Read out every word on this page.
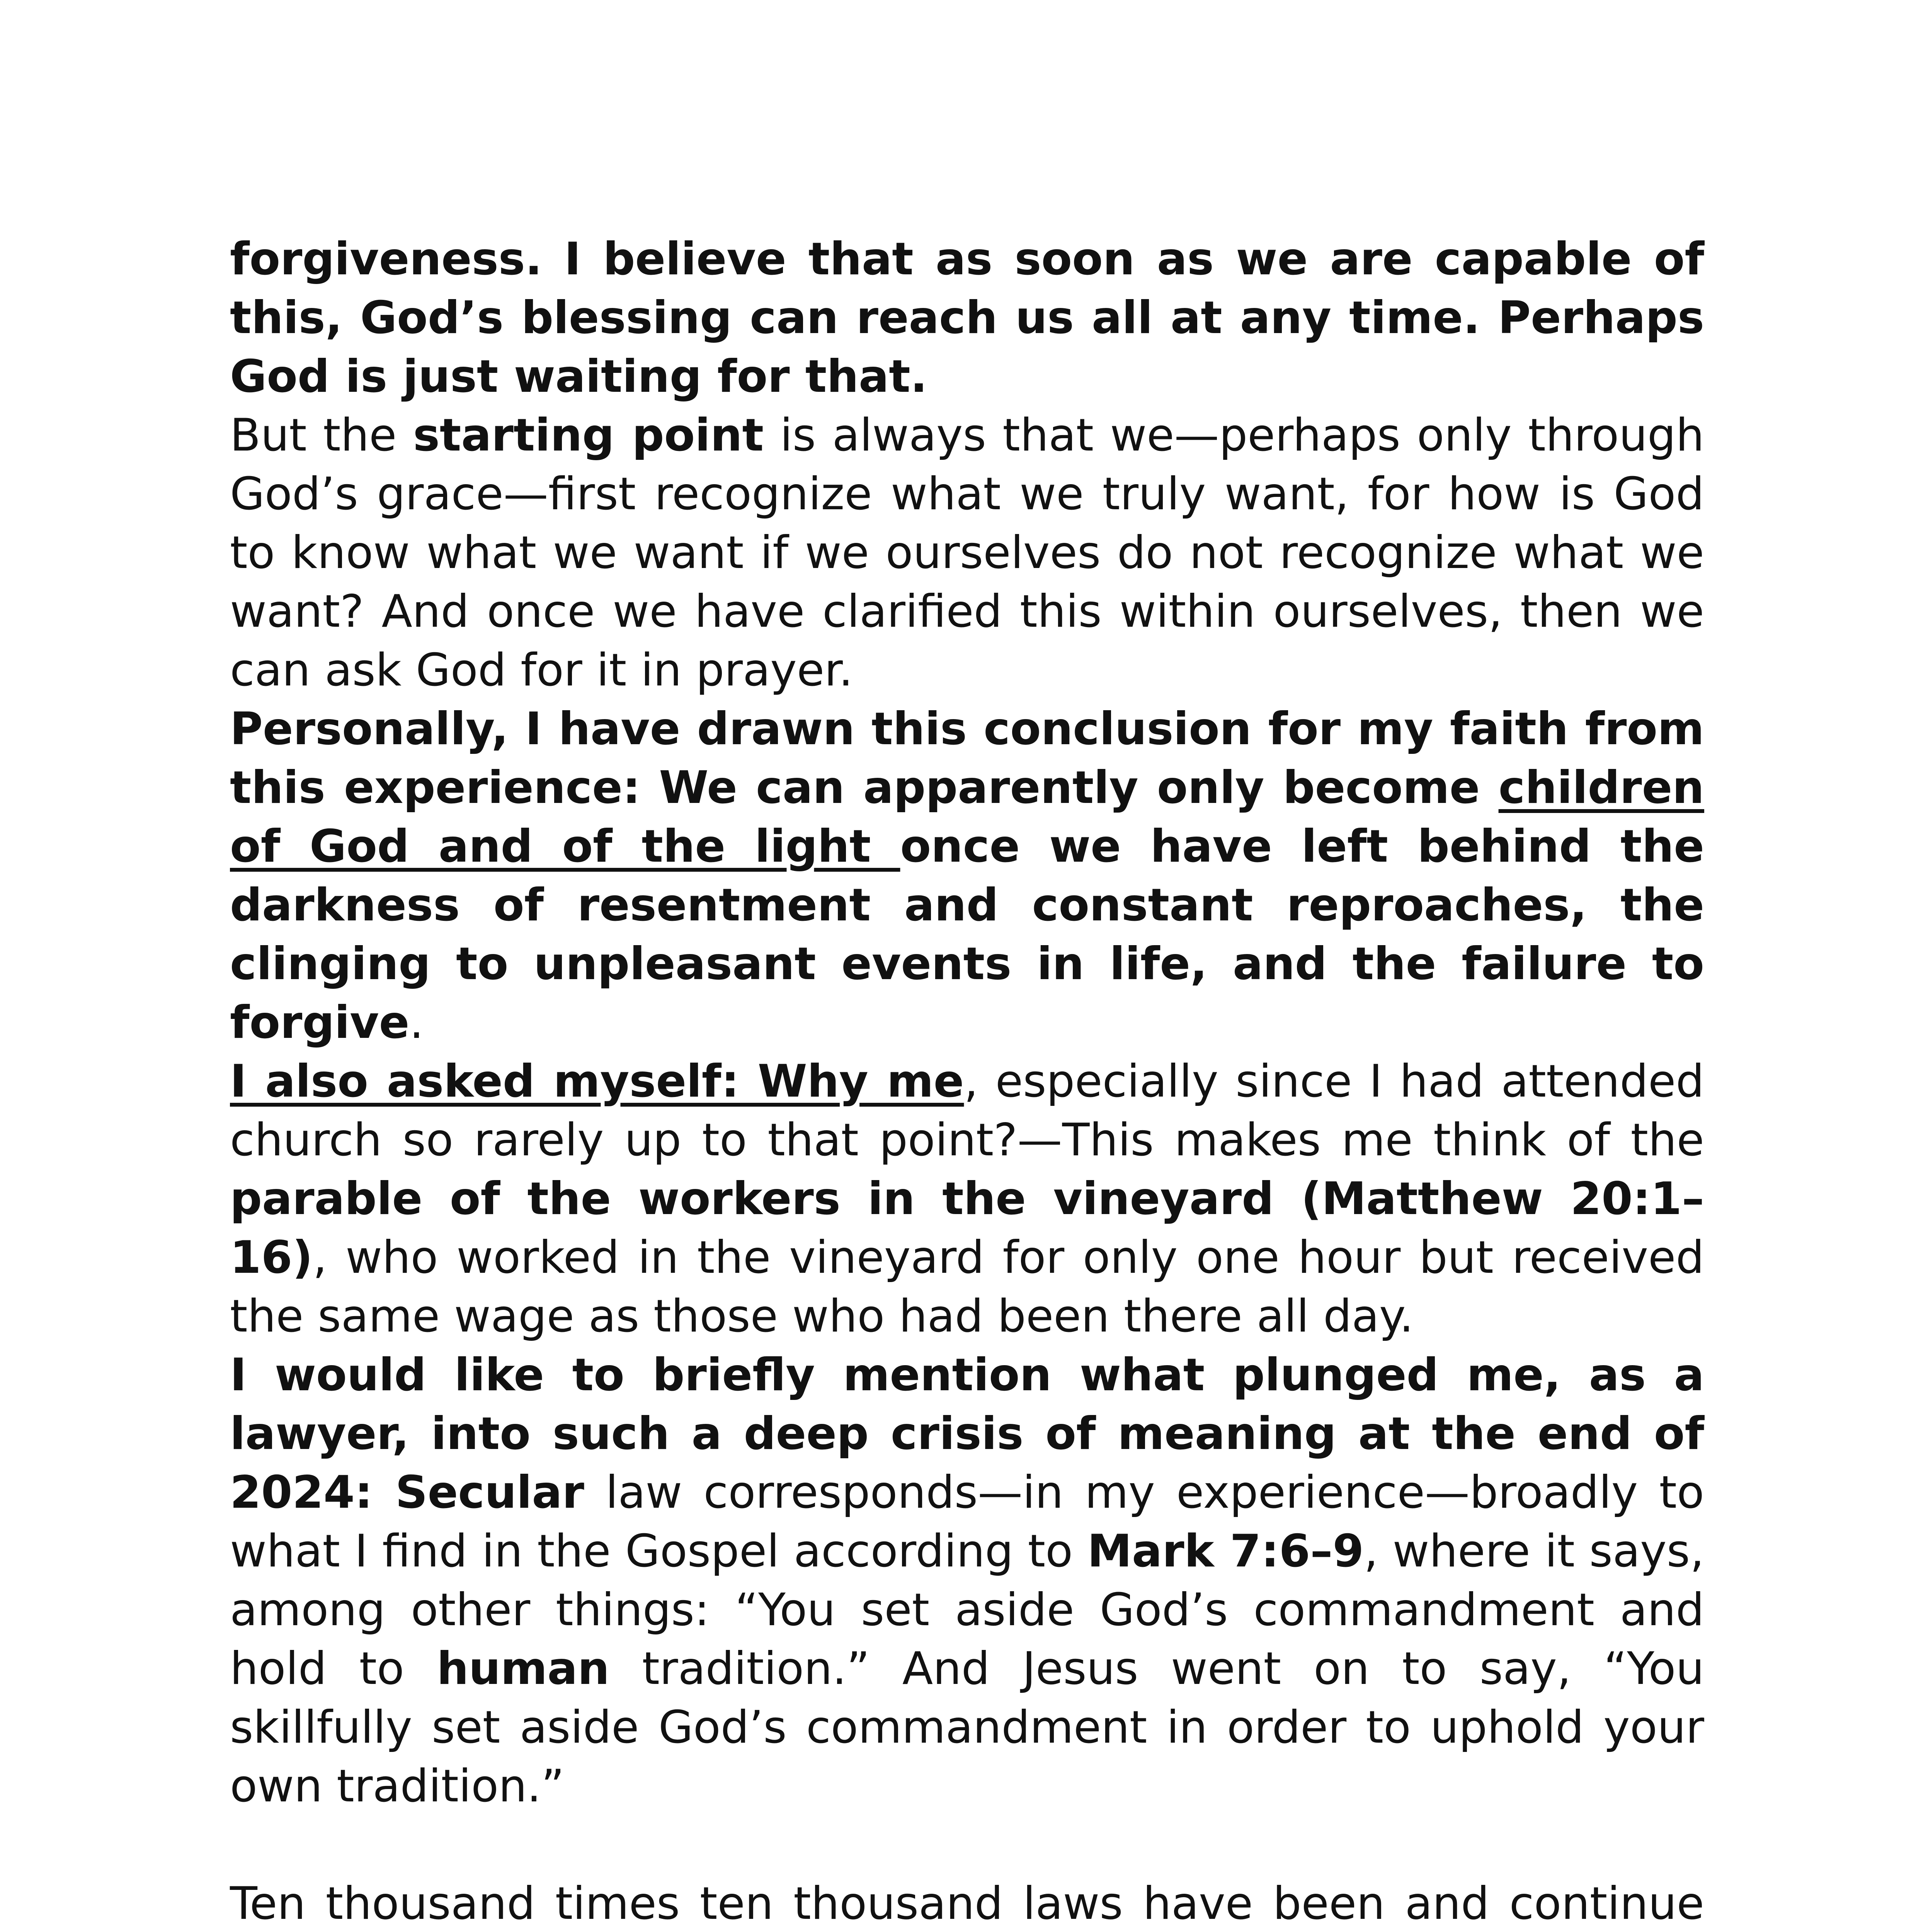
forgiveness. I believe that as soon as we are capable of this, God’s blessing can reach us all at any time. Perhaps God is just waiting for that.

But the starting point is always that we—perhaps only through God’s grace—first recognize what we truly want, for how is God to know what we want if we ourselves do not recognize what we want? And once we have clarified this within ourselves, then we can ask God for it in prayer.

Personally, I have drawn this conclusion for my faith from this experience: We can apparently only become children of God and of the light once we have left behind the darkness of resentment and constant reproaches, the clinging to unpleasant events in life, and the failure to forgive.

I also asked myself: Why me, especially since I had attended church so rarely up to that point?—This makes me think of the parable of the workers in the vineyard (Matthew 20:1–16), who worked in the vineyard for only one hour but received the same wage as those who had been there all day.

I would like to briefly mention what plunged me, as a lawyer, into such a deep crisis of meaning at the end of 2024: Secular law corresponds—in my experience—broadly to what I find in the Gospel according to Mark 7:6–9, where it says, among other things: “You set aside God’s commandment and hold to human tradition.” And Jesus went on to say, “You skillfully set aside God’s commandment in order to uphold your own tradition.”

Ten thousand times ten thousand laws have been and continue
